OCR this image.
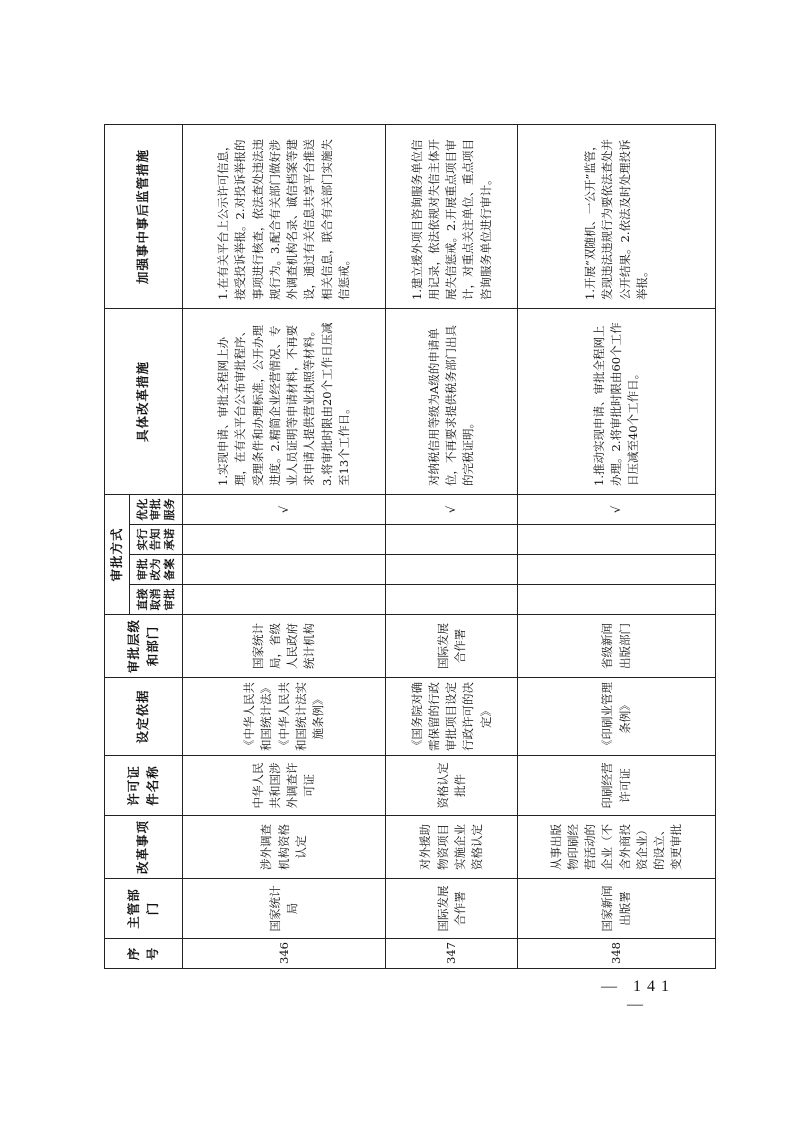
序号	主管部门	改革事项	许可证件名称	设定依据	审批层级和部门	审批方式				具体改革措施	加强事中事后监管措施
						直接取消审批	审批改为备案	实行告知承诺	优化审批服务		
346	国家统计局	涉外调查机构资格认定	中华人民共和国涉外调查许可证	《中华人民共和国统计法》《中华人民共和国统计法实施条例》	国家统计局，省级人民政府统计机构				√	1.实现申请、审批全程网上办理，在有关平台公布审批程序、受理条件和办理标准，公开办理进度。2.精简企业经营情况、专业人员证明等申请材料，不再要求申请人提供营业执照等材料。3.将审批时限由20个工作日压减至13个工作日。	1.在有关平台上公示许可信息，接受投诉举报。2.对投诉举报的事项进行核查，依法查处违法违规行为。3.配合有关部门做好涉外调查机构名录、诚信档案等建设，通过有关信息共享平台推送相关信息，联合有关部门实施失信惩戒。
347	国际发展合作署	对外援助物资项目实施企业资格认定	资格认定批件	《国务院对确需保留的行政审批项目设定行政许可的决定》	国际发展合作署				√	对纳税信用等级为A级的申请单位，不再要求提供税务部门出具的完税证明。	1.建立援外项目咨询服务单位信用记录，依法依规对失信主体开展失信惩戒。2.开展重点项目审计，对重点关注单位、重点项目咨询服务单位进行审计。
348	国家新闻出版署	从事出版物印刷经营活动的企业（不含外商投资企业）的设立、变更审批	印刷经营许可证	《印刷业管理条例》	省级新闻出版部门				√	1.推动实现申请、审批全程网上办理。2.将审批时限由60个工作日压减至40个工作日。	1.开展“双随机、一公开”监管，发现违法违规行为要依法查处并公开结果。2.依法及时处理投诉举报。
— 141 —
